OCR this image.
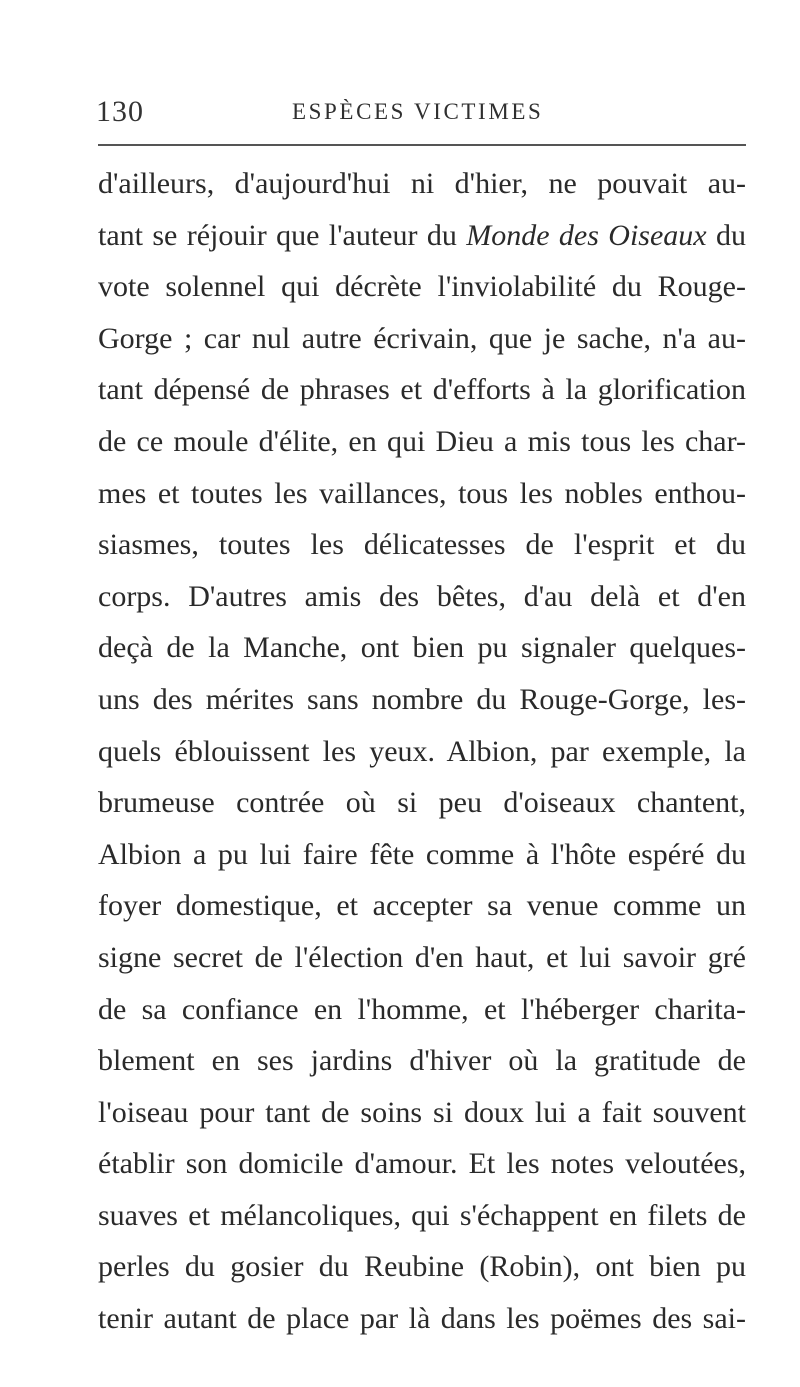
130	ESPÈCES VICTIMES
d'ailleurs, d'aujourd'hui ni d'hier, ne pouvait au-
tant se réjouir que l'auteur du Monde des Oiseaux du
vote solennel qui décrète l'inviolabilité du Rouge-
Gorge ; car nul autre écrivain, que je sache, n'a au-
tant dépensé de phrases et d'efforts à la glorification
de ce moule d'élite, en qui Dieu a mis tous les char-
mes et toutes les vaillances, tous les nobles enthou-
siasmes, toutes les délicatesses de l'esprit et du
corps. D'autres amis des bêtes, d'au delà et d'en
deçà de la Manche, ont bien pu signaler quelques-
uns des mérites sans nombre du Rouge-Gorge, les-
quels éblouissent les yeux. Albion, par exemple, la
brumeuse contrée où si peu d'oiseaux chantent,
Albion a pu lui faire fête comme à l'hôte espéré du
foyer domestique, et accepter sa venue comme un
signe secret de l'élection d'en haut, et lui savoir gré
de sa confiance en l'homme, et l'héberger charita-
blement en ses jardins d'hiver où la gratitude de
l'oiseau pour tant de soins si doux lui a fait souvent
établir son domicile d'amour. Et les notes veloutées,
suaves et mélancoliques, qui s'échappent en filets de
perles du gosier du Reubine (Robin), ont bien pu
tenir autant de place par là dans les poëmes des sai-
